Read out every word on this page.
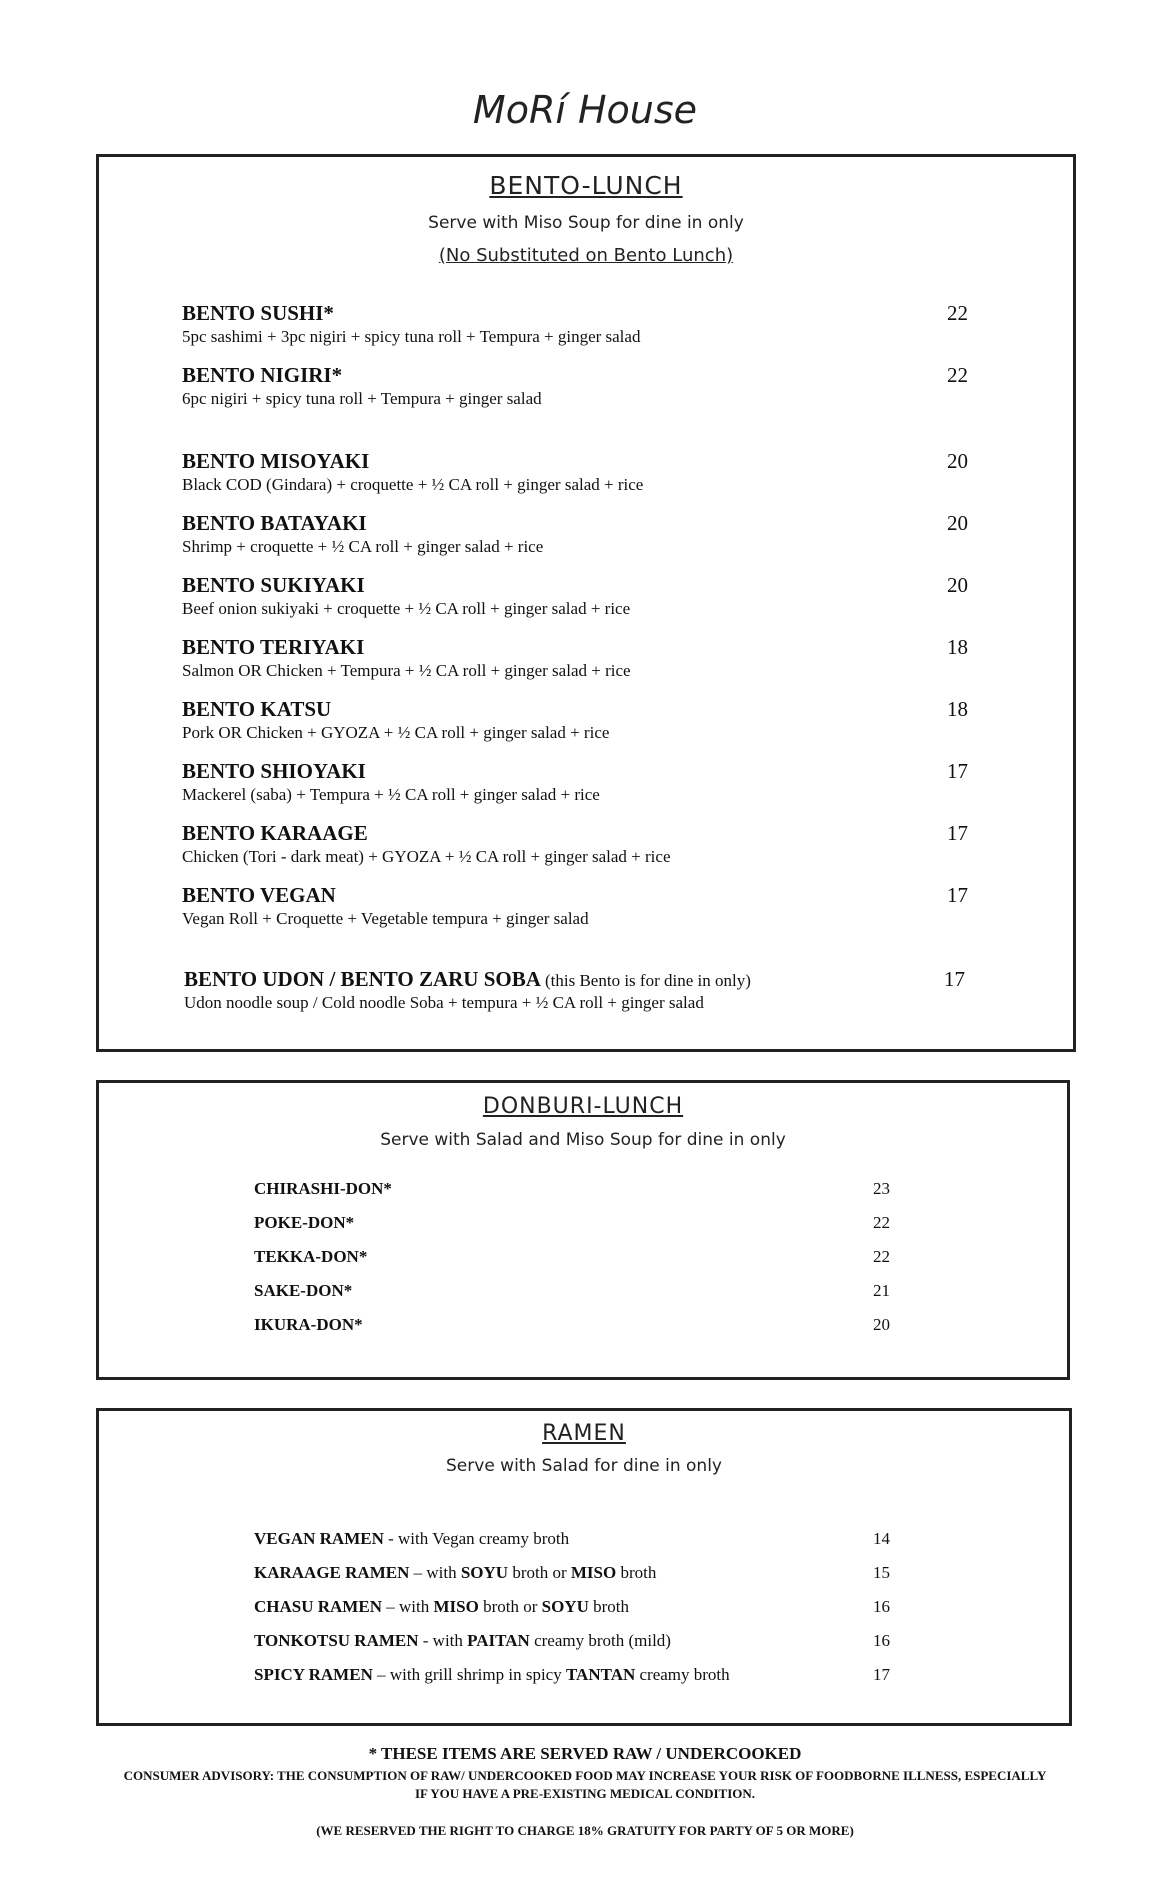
MoRí House
BENTO-LUNCH
Serve with Miso Soup for dine in only
(No Substituted on Bento Lunch)
BENTO SUSHI*
5pc sashimi + 3pc nigiri + spicy tuna roll + Tempura + ginger salad
22
BENTO NIGIRI*
6pc nigiri + spicy tuna roll + Tempura + ginger salad
22
BENTO MISOYAKI
Black COD (Gindara) + croquette + ½ CA roll + ginger salad + rice
20
BENTO BATAYAKI
Shrimp + croquette + ½ CA roll + ginger salad + rice
20
BENTO SUKIYAKI
Beef onion sukiyaki + croquette + ½ CA roll + ginger salad + rice
20
BENTO TERIYAKI
Salmon OR Chicken + Tempura + ½ CA roll + ginger salad + rice
18
BENTO KATSU
Pork OR Chicken + GYOZA + ½ CA roll + ginger salad + rice
18
BENTO SHIOYAKI
Mackerel (saba) + Tempura + ½ CA roll + ginger salad + rice
17
BENTO KARAAGE
Chicken (Tori - dark meat) + GYOZA + ½ CA roll + ginger salad + rice
17
BENTO VEGAN
Vegan Roll + Croquette + Vegetable tempura + ginger salad
17
BENTO UDON / BENTO ZARU SOBA (this Bento is for dine in only)
Udon noodle soup / Cold noodle Soba + tempura + ½ CA roll + ginger salad
17
DONBURI-LUNCH
Serve with Salad and Miso Soup for dine in only
CHIRASHI-DON*	23
POKE-DON*	22
TEKKA-DON*	22
SAKE-DON*	21
IKURA-DON*	20
RAMEN
Serve with Salad for dine in only
VEGAN RAMEN - with Vegan creamy broth	14
KARAAGE RAMEN – with SOYU broth or MISO broth	15
CHASU RAMEN – with MISO broth or SOYU broth	16
TONKOTSU RAMEN - with PAITAN creamy broth (mild)	16
SPICY RAMEN – with grill shrimp in spicy TANTAN creamy broth	17
* THESE ITEMS ARE SERVED RAW / UNDERCOOKED
CONSUMER ADVISORY: THE CONSUMPTION OF RAW/ UNDERCOOKED FOOD MAY INCREASE YOUR RISK OF FOODBORNE ILLNESS, ESPECIALLY
IF YOU HAVE A PRE-EXISTING MEDICAL CONDITION.
(WE RESERVED THE RIGHT TO CHARGE 18% GRATUITY FOR PARTY OF 5 OR MORE)
